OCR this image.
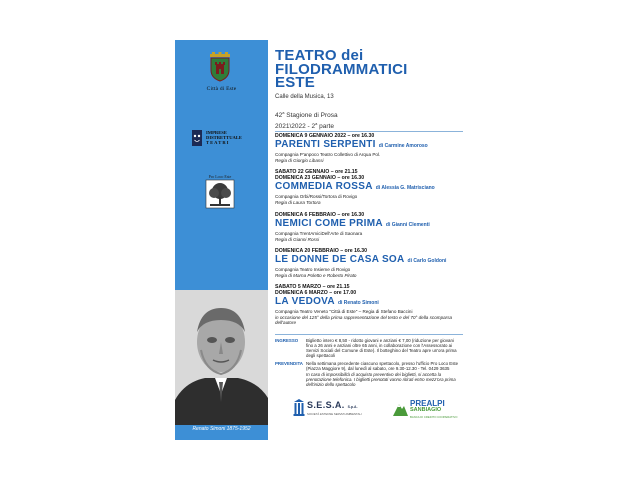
Città di Este
IMPRESE
DISTRETTUALE
T E A T R I
Pro Loco Este
Renato Simoni 1875-1952
TEATRO dei
FILODRAMMATICI
ESTE
Calle della Musica, 13
42$^a$ Stagione di Prosa
2021\2022 - 2$^a$ parte
DOMENICA 9 GENNAIO 2022 – ore 16.30
PARENTI SERPENTI di Carmine Amoroso
Compagnia P'anpoco Teatro Collettivo di Arqua Pol.
Regia di Giorgio Libassi
SABATO 22 GENNAIO – ore 21.15
DOMENICA 23 GENNAIO – ore 16.30
COMMEDIA ROSSA di Alessia G. Matrisciano
Compagnia Orbi/Rossi/Tortora di Rovigo
Regia di Laura Tortora
DOMENICA 6 FEBBRAIO – ore 16.30
NEMICI COME PRIMA di Gianni Clementi
Compagnia TrentAmiciDell'Arte di Saonara
Regia di Gianni Rossi
DOMENICA 20 FEBBRAIO – ore 16.30
LE DONNE DE CASA SOA di Carlo Goldoni
Compagnia Teatro Insieme di Rovigo
Regia di Marna Poletto e Roberto Pirato
SABATO 5 MARZO – ore 21.15
DOMENICA 6 MARZO – ore 17.00
LA VEDOVA di Renato Simoni
Compagnia Teatro Veneto "Città di Este" – Regia di Stefano Baccini
in occasione del 125° della prima rappresentazione del testo e del 70° della scomparsa dell'autore
INGRESSO Biglietto intero € 8,50 - ridotto giovani e anziani € 7,00 (riduzione per giovani fino a 26 anni e anziani oltre 65 anni, in collaborazione con l'Assessorato ai Servizi Sociali del Comune di Este). Il botteghino del Teatro apre un'ora prima degli spettacoli
PREVENDITA Nella settimana precedente ciascuno spettacolo, presso l'ufficio Pro Loco Este (Piazza Maggiore 9), dal lunedì al sabato, ore 9.30-12.30 - Tel. 0429 3635
In caso di impossibilità di acquisto preventivo dei biglietti, si accetta la prenotazione telefonica. I biglietti prenotati vanno ritirati entro mezz'ora prima dell'inizio dello spettacolo
S.E.S.A. S.p.A.
SOCIETÀ ESTENSE SERVIZI AMBIENTALI
PREALPI
SANBIAGIO
BANCA DI CREDITO COOPERATIVO
